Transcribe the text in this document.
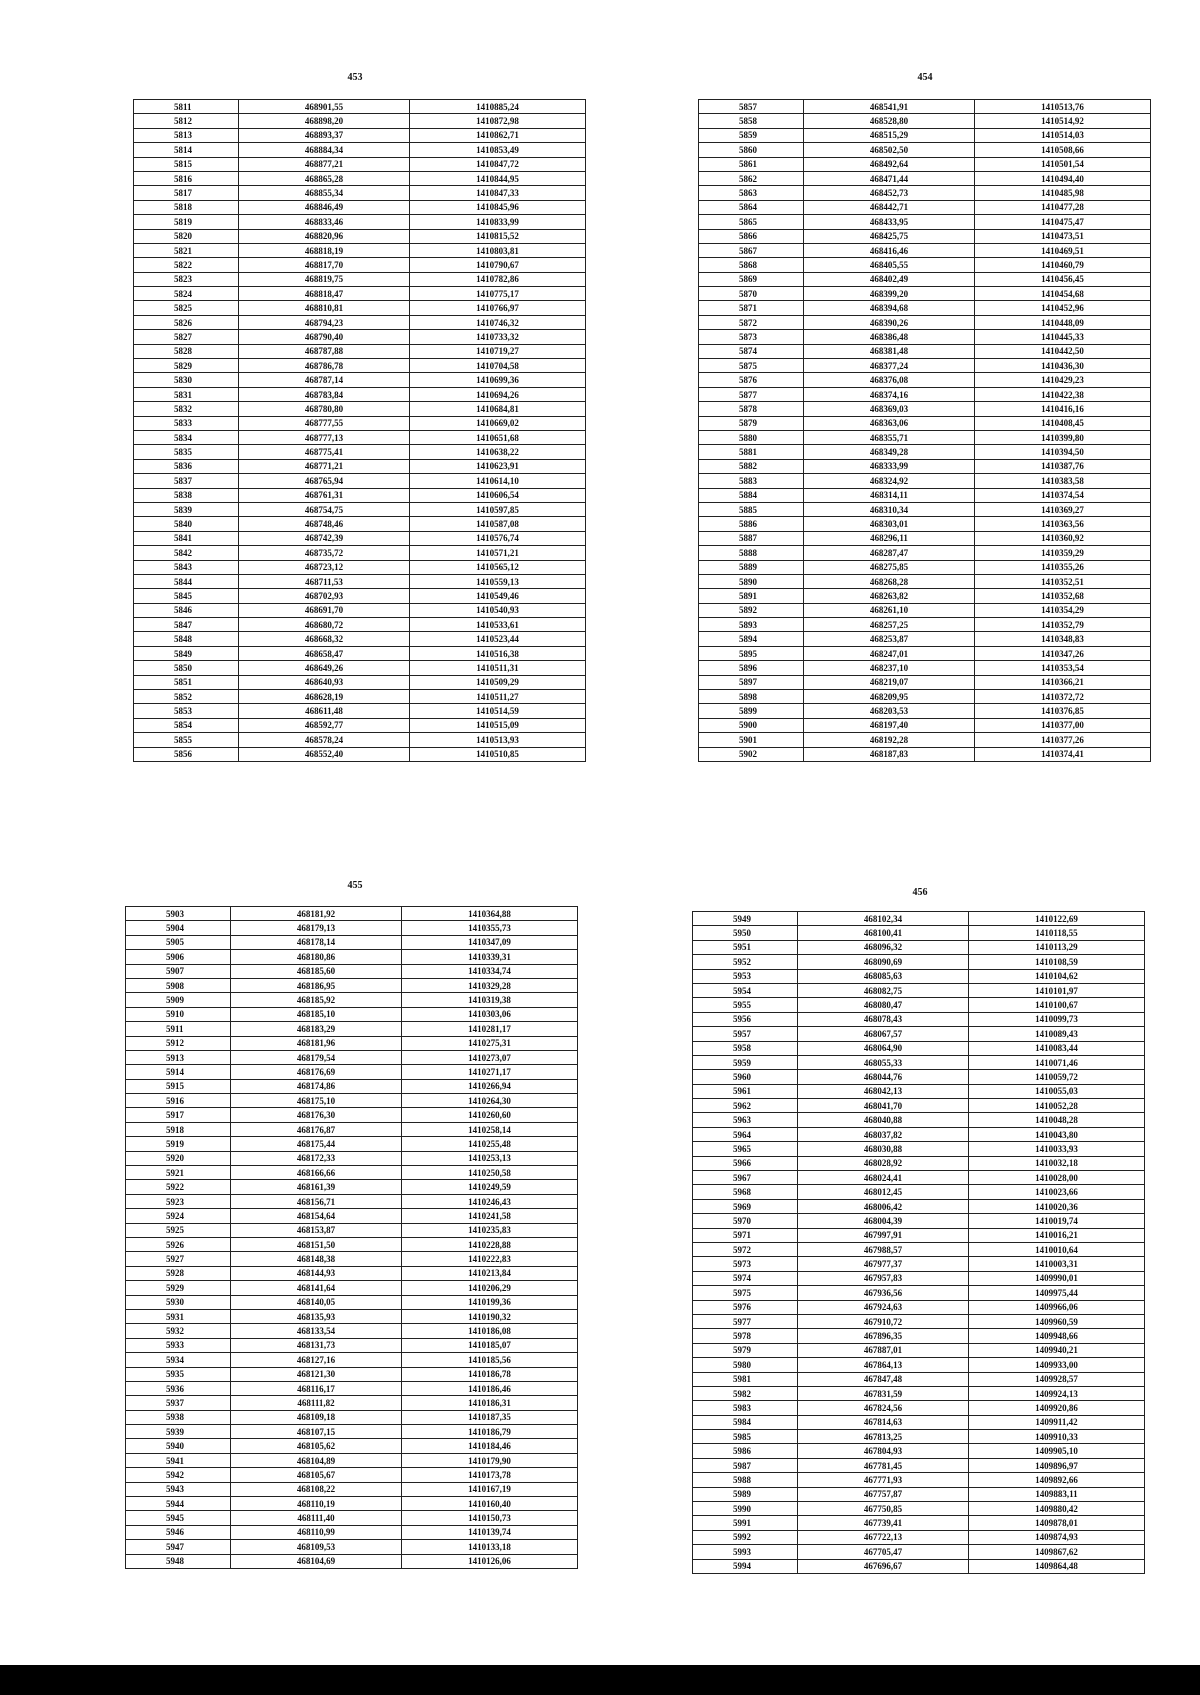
453
5811	468901,55	1410885,24
5812	468898,20	1410872,98
5813	468893,37	1410862,71
5814	468884,34	1410853,49
5815	468877,21	1410847,72
5816	468865,28	1410844,95
5817	468855,34	1410847,33
5818	468846,49	1410845,96
5819	468833,46	1410833,99
5820	468820,96	1410815,52
5821	468818,19	1410803,81
5822	468817,70	1410790,67
5823	468819,75	1410782,86
5824	468818,47	1410775,17
5825	468810,81	1410766,97
5826	468794,23	1410746,32
5827	468790,40	1410733,32
5828	468787,88	1410719,27
5829	468786,78	1410704,58
5830	468787,14	1410699,36
5831	468783,84	1410694,26
5832	468780,80	1410684,81
5833	468777,55	1410669,02
5834	468777,13	1410651,68
5835	468775,41	1410638,22
5836	468771,21	1410623,91
5837	468765,94	1410614,10
5838	468761,31	1410606,54
5839	468754,75	1410597,85
5840	468748,46	1410587,08
5841	468742,39	1410576,74
5842	468735,72	1410571,21
5843	468723,12	1410565,12
5844	468711,53	1410559,13
5845	468702,93	1410549,46
5846	468691,70	1410540,93
5847	468680,72	1410533,61
5848	468668,32	1410523,44
5849	468658,47	1410516,38
5850	468649,26	1410511,31
5851	468640,93	1410509,29
5852	468628,19	1410511,27
5853	468611,48	1410514,59
5854	468592,77	1410515,09
5855	468578,24	1410513,93
5856	468552,40	1410510,85
454
5857	468541,91	1410513,76
5858	468528,80	1410514,92
5859	468515,29	1410514,03
5860	468502,50	1410508,66
5861	468492,64	1410501,54
5862	468471,44	1410494,40
5863	468452,73	1410485,98
5864	468442,71	1410477,28
5865	468433,95	1410475,47
5866	468425,75	1410473,51
5867	468416,46	1410469,51
5868	468405,55	1410460,79
5869	468402,49	1410456,45
5870	468399,20	1410454,68
5871	468394,68	1410452,96
5872	468390,26	1410448,09
5873	468386,48	1410445,33
5874	468381,48	1410442,50
5875	468377,24	1410436,30
5876	468376,08	1410429,23
5877	468374,16	1410422,38
5878	468369,03	1410416,16
5879	468363,06	1410408,45
5880	468355,71	1410399,80
5881	468349,28	1410394,50
5882	468333,99	1410387,76
5883	468324,92	1410383,58
5884	468314,11	1410374,54
5885	468310,34	1410369,27
5886	468303,01	1410363,56
5887	468296,11	1410360,92
5888	468287,47	1410359,29
5889	468275,85	1410355,26
5890	468268,28	1410352,51
5891	468263,82	1410352,68
5892	468261,10	1410354,29
5893	468257,25	1410352,79
5894	468253,87	1410348,83
5895	468247,01	1410347,26
5896	468237,10	1410353,54
5897	468219,07	1410366,21
5898	468209,95	1410372,72
5899	468203,53	1410376,85
5900	468197,40	1410377,00
5901	468192,28	1410377,26
5902	468187,83	1410374,41
455
5903	468181,92	1410364,88
5904	468179,13	1410355,73
5905	468178,14	1410347,09
5906	468180,86	1410339,31
5907	468185,60	1410334,74
5908	468186,95	1410329,28
5909	468185,92	1410319,38
5910	468185,10	1410303,06
5911	468183,29	1410281,17
5912	468181,96	1410275,31
5913	468179,54	1410273,07
5914	468176,69	1410271,17
5915	468174,86	1410266,94
5916	468175,10	1410264,30
5917	468176,30	1410260,60
5918	468176,87	1410258,14
5919	468175,44	1410255,48
5920	468172,33	1410253,13
5921	468166,66	1410250,58
5922	468161,39	1410249,59
5923	468156,71	1410246,43
5924	468154,64	1410241,58
5925	468153,87	1410235,83
5926	468151,50	1410228,88
5927	468148,38	1410222,83
5928	468144,93	1410213,84
5929	468141,64	1410206,29
5930	468140,05	1410199,36
5931	468135,93	1410190,32
5932	468133,54	1410186,08
5933	468131,73	1410185,07
5934	468127,16	1410185,56
5935	468121,30	1410186,78
5936	468116,17	1410186,46
5937	468111,82	1410186,31
5938	468109,18	1410187,35
5939	468107,15	1410186,79
5940	468105,62	1410184,46
5941	468104,89	1410179,90
5942	468105,67	1410173,78
5943	468108,22	1410167,19
5944	468110,19	1410160,40
5945	468111,40	1410150,73
5946	468110,99	1410139,74
5947	468109,53	1410133,18
5948	468104,69	1410126,06
456
5949	468102,34	1410122,69
5950	468100,41	1410118,55
5951	468096,32	1410113,29
5952	468090,69	1410108,59
5953	468085,63	1410104,62
5954	468082,75	1410101,97
5955	468080,47	1410100,67
5956	468078,43	1410099,73
5957	468067,57	1410089,43
5958	468064,90	1410083,44
5959	468055,33	1410071,46
5960	468044,76	1410059,72
5961	468042,13	1410055,03
5962	468041,70	1410052,28
5963	468040,88	1410048,28
5964	468037,82	1410043,80
5965	468030,88	1410033,93
5966	468028,92	1410032,18
5967	468024,41	1410028,00
5968	468012,45	1410023,66
5969	468006,42	1410020,36
5970	468004,39	1410019,74
5971	467997,91	1410016,21
5972	467988,57	1410010,64
5973	467977,37	1410003,31
5974	467957,83	1409990,01
5975	467936,56	1409975,44
5976	467924,63	1409966,06
5977	467910,72	1409960,59
5978	467896,35	1409948,66
5979	467887,01	1409940,21
5980	467864,13	1409933,00
5981	467847,48	1409928,57
5982	467831,59	1409924,13
5983	467824,56	1409920,86
5984	467814,63	1409911,42
5985	467813,25	1409910,33
5986	467804,93	1409905,10
5987	467781,45	1409896,97
5988	467771,93	1409892,66
5989	467757,87	1409883,11
5990	467750,85	1409880,42
5991	467739,41	1409878,01
5992	467722,13	1409874,93
5993	467705,47	1409867,62
5994	467696,67	1409864,48
